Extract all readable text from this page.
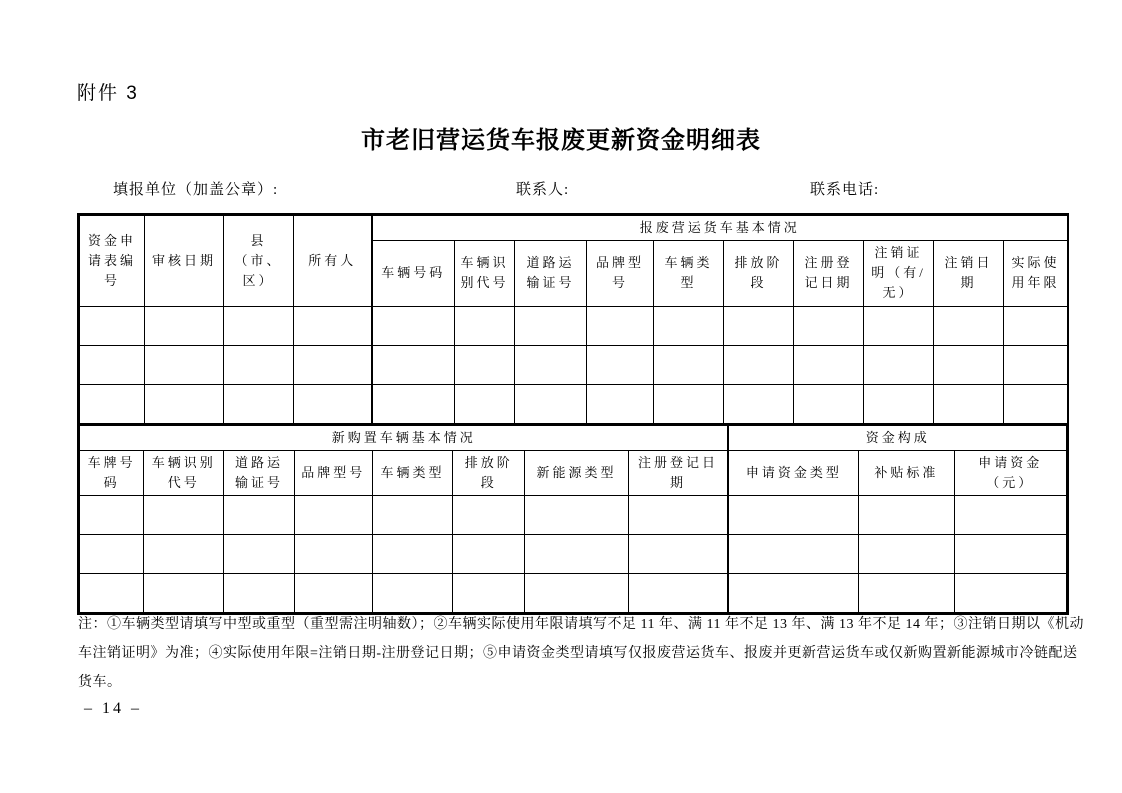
附件 3
市老旧营运货车报废更新资金明细表
填报单位（加盖公章）:	联系人:	联系电话:
资金申请表编号	审核日期	县（市、区）	所有人	报废营运货车基本情况									
				车辆号码	车辆识别代号	道路运输证号	品牌型号	车辆类型	排放阶段	注册登记日期	注销证明（有/无）	注销日期	实际使用年限

新购置车辆基本情况								资金构成		
车牌号码	车辆识别代号	道路运输证号	品牌型号	车辆类型	排放阶段	新能源类型	注册登记日期	申请资金类型	补贴标准	申请资金（元）

注：①车辆类型请填写中型或重型（重型需注明轴数）；②车辆实际使用年限请填写不足 11 年、满 11 年不足 13 年、满 13 年不足 14 年；③注销日期以《机动
车注销证明》为准；④实际使用年限=注销日期-注册登记日期；⑤申请资金类型请填写仅报废营运货车、报废并更新营运货车或仅新购置新能源城市冷链配送
货车。
– 14 –
